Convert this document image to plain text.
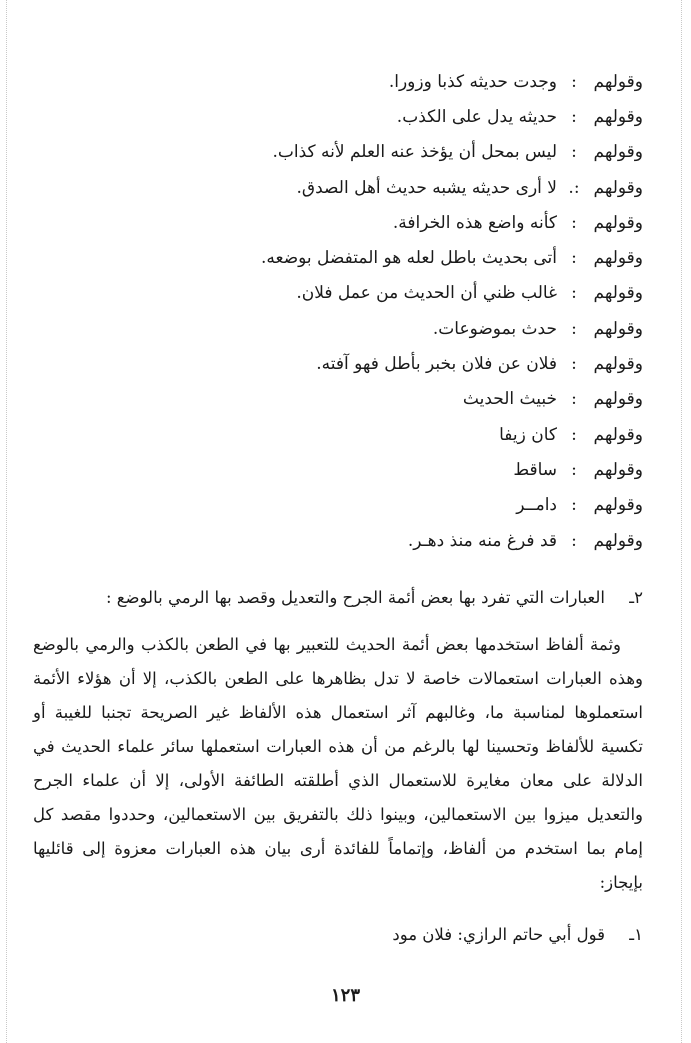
وقولهم
:
وجدت حديثه كذبا وزورا.
وقولهم
:
حديثه يدل على الكذب.
وقولهم
:
ليس بمحل أن يؤخذ عنه العلم لأنه كذاب.
وقولهم
:.
لا أرى حديثه يشبه حديث أهل الصدق.
وقولهم
:
كأنه واضع هذه الخرافة.
وقولهم
:
أتى بحديث باطل لعله هو المتفضل بوضعه.
وقولهم
:
غالب ظني أن الحديث من عمل فلان.
وقولهم
:
حدث بموضوعات.
وقولهم
:
فلان عن فلان بخبر بأطل فهو آفته.
وقولهم
:
خبيث الحديث
وقولهم
:
كان زيفا
وقولهم
:
ساقط
وقولهم
:
دامــر
وقولهم
:
قد فرغ منه منذ دهـر.
٢ـ
العبارات التي تفرد بها بعض أئمة الجرح والتعديل وقصد بها الرمي بالوضع :

وثمة ألفاظ استخدمها بعض أئمة الحديث للتعبير بها في الطعن بالكذب والرمي بالوضع وهذه العبارات استعمالات خاصة لا تدل بظاهرها على الطعن بالكذب، إلا أن هؤلاء الأئمة استعملوها لمناسبة ما، وغالبهم آثر استعمال هذه الألفاظ غير الصريحة تجنبا للغيبة أو تكسية للألفاظ وتحسينا لها بالرغم من أن هذه العبارات استعملها سائر علماء الحديث في الدلالة على معان مغايرة للاستعمال الذي أطلقته الطائفة الأولى، إلا أن علماء الجرح والتعديل ميزوا بين الاستعمالين، وبينوا ذلك بالتفريق بين الاستعمالين، وحددوا مقصد كل إمام بما استخدم من ألفاظ، وإتماماً للفائدة أرى بيان هذه العبارات معزوة إلى قائليها بإيجاز:

١ـ
قول أبي حاتم الرازي: فلان مود
١٢٣
